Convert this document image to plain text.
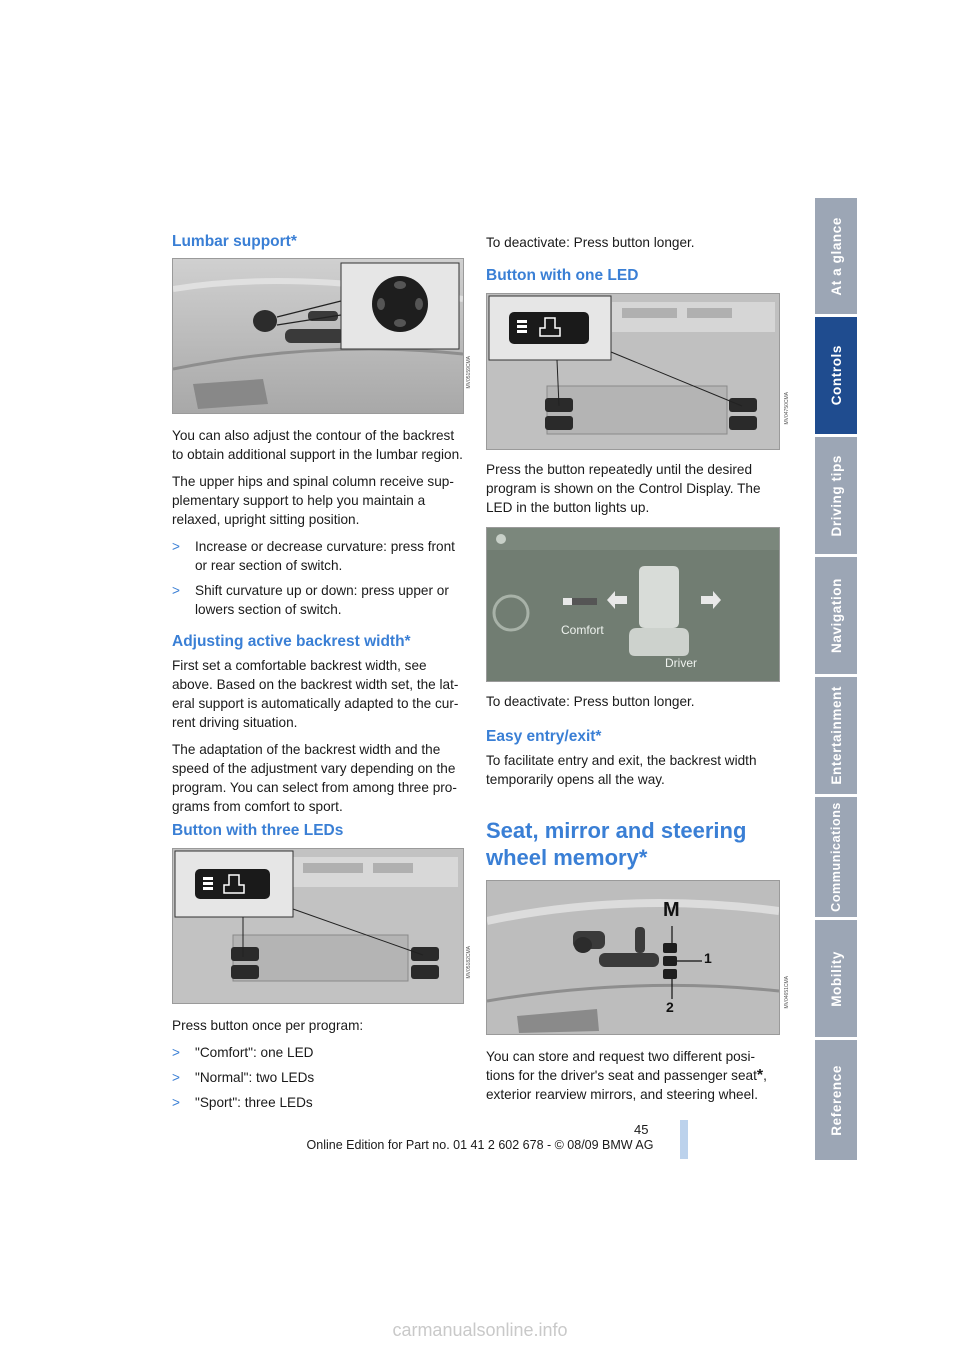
Lumbar support*
MV05159CMA

You can also adjust the contour of the backrest to obtain additional support in the lumbar region.

The upper hips and spinal column receive sup-plementary support to help you maintain a relaxed, upright sitting position.

> Increase or decrease curvature: press front or rear section of switch.
> Shift curvature up or down: press upper or lowers section of switch.
Adjusting active backrest width*

First set a comfortable backrest width, see above. Based on the backrest width set, the lat-eral support is automatically adapted to the cur-rent driving situation.

The adaptation of the backrest width and the speed of the adjustment vary depending on the program. You can select from among three pro-grams from comfort to sport.

Button with three LEDs
MV05182CMA

Press button once per program:

> "Comfort": one LED
> "Normal": two LEDs
> "Sport": three LEDs

To deactivate: Press button longer.

Button with one LED
MV04750CMA

Press the button repeatedly until the desired program is shown on the Control Display. The LED in the button lights up.

Comfort
Driver

To deactivate: Press button longer.

Easy entry/exit*

To facilitate entry and exit, the backrest width temporarily opens all the way.

Seat, mirror and steering
wheel memory*
M
1
2	MV04651CMA

You can store and request two different posi-tions for the driver's seat and passenger seat*, exterior rearview mirrors, and steering wheel.

At a glance
Controls
Driving tips
Navigation
Entertainment
Communications
Mobility
Reference
45
Online Edition for Part no. 01 41 2 602 678 - © 08/09 BMW AG
carmanualsonline.info
